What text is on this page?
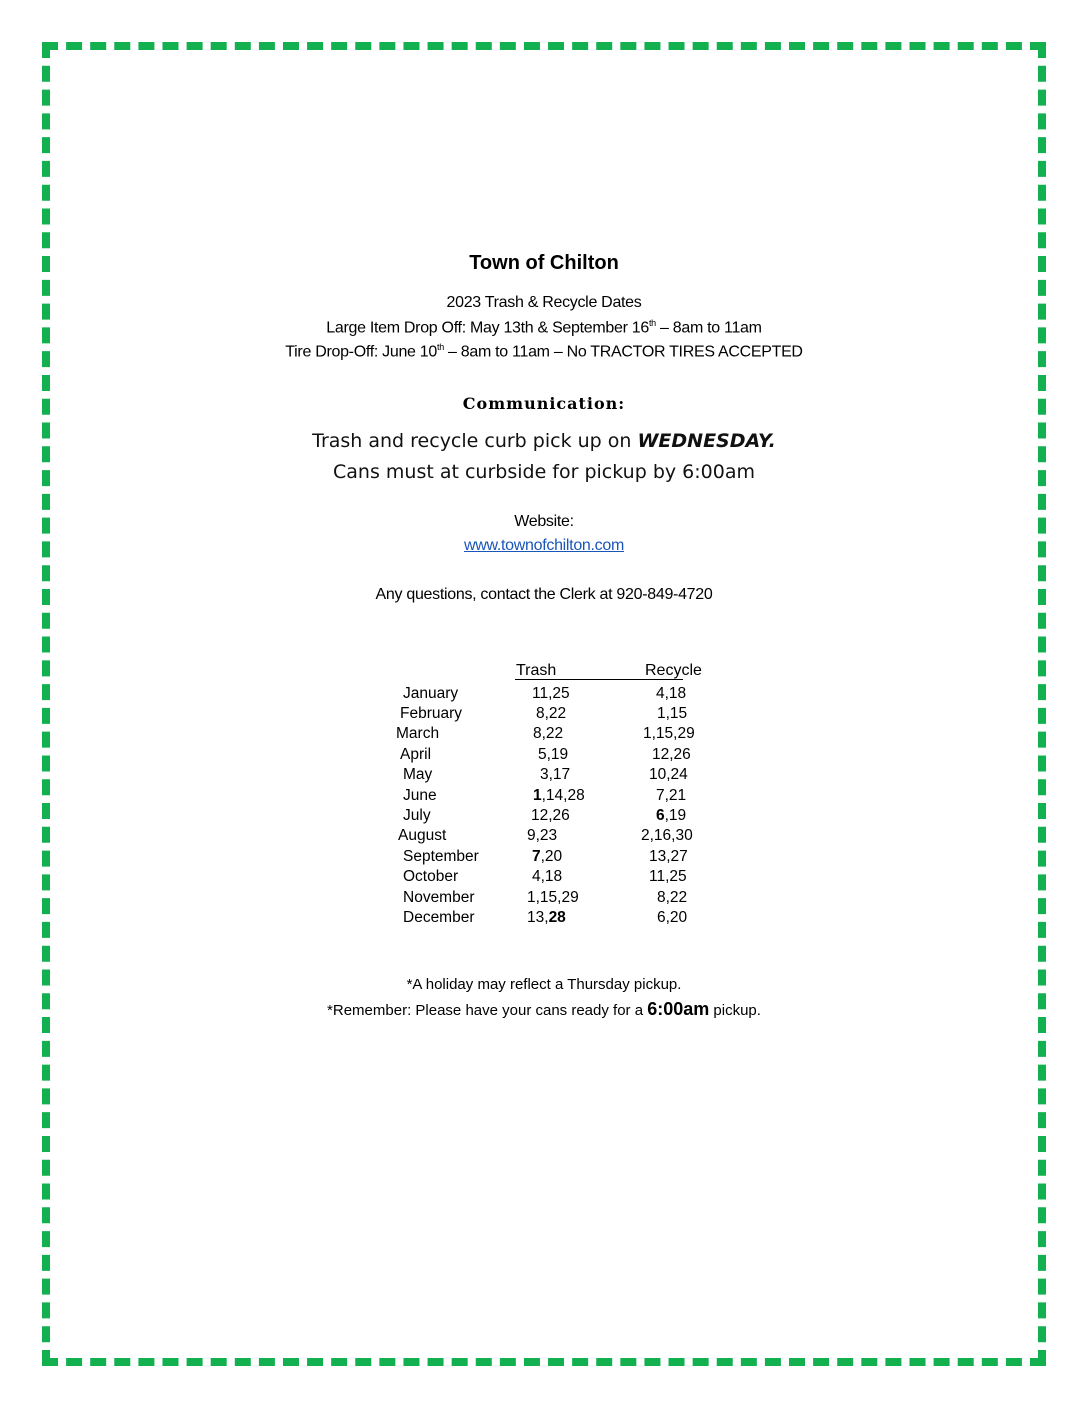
Town of Chilton
2023 Trash & Recycle Dates
Large Item Drop Off: May 13th & September 16th – 8am to 11am
Tire Drop-Off: June 10th – 8am to 11am – No TRACTOR TIRES ACCEPTED
Communication:
Trash and recycle curb pick up on WEDNESDAY.
Cans must at curbside for pickup by 6:00am
Website:
www.townofchilton.com
Any questions, contact the Clerk at 920-849-4720
Trash	Recycle
January	11,25	4,18
February	8,22	1,15
March	8,22	1,15,29
April	5,19	12,26
May	3,17	10,24
June	1,14,28	7,21
July	12,26	6,19
August	9,23	2,16,30
September	7,20	13,27
October	4,18	11,25
November	1,15,29	8,22
December	13,28	6,20
*A holiday may reflect a Thursday pickup.
*Remember: Please have your cans ready for a 6:00am pickup.
